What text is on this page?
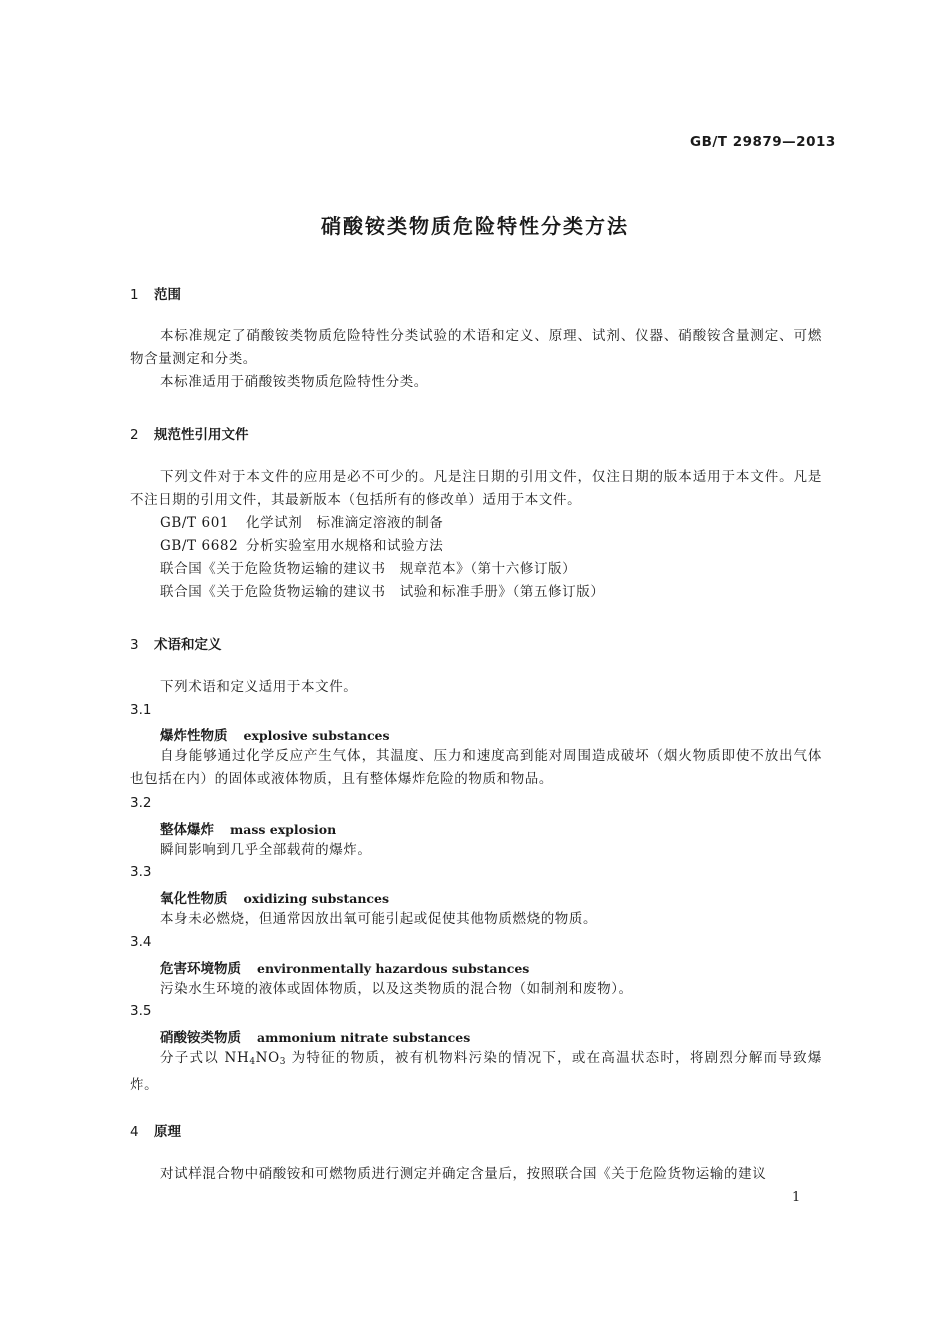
GB/T 29879—2013
硝酸铵类物质危险特性分类方法
1 范围
本标准规定了硝酸铵类物质危险特性分类试验的术语和定义、原理、试剂、仪器、硝酸铵含量测定、可燃物含量测定和分类。
本标准适用于硝酸铵类物质危险特性分类。
2 规范性引用文件
下列文件对于本文件的应用是必不可少的。凡是注日期的引用文件，仅注日期的版本适用于本文件。凡是不注日期的引用文件，其最新版本（包括所有的修改单）适用于本文件。
GB/T 601 化学试剂　标准滴定溶液的制备
GB/T 6682 分析实验室用水规格和试验方法
联合国《关于危险货物运输的建议书　规章范本》（第十六修订版）
联合国《关于危险货物运输的建议书　试验和标准手册》（第五修订版）
3 术语和定义
下列术语和定义适用于本文件。
3.1
爆炸性物质 explosive substances
自身能够通过化学反应产生气体，其温度、压力和速度高到能对周围造成破坏（烟火物质即使不放出气体也包括在内）的固体或液体物质，且有整体爆炸危险的物质和物品。
3.2
整体爆炸 mass explosion
瞬间影响到几乎全部载荷的爆炸。
3.3
氧化性物质 oxidizing substances
本身未必燃烧，但通常因放出氧可能引起或促使其他物质燃烧的物质。
3.4
危害环境物质 environmentally hazardous substances
污染水生环境的液体或固体物质，以及这类物质的混合物（如制剂和废物）。
3.5
硝酸铵类物质 ammonium nitrate substances
分子式以 $NH_4NO_3$ 为特征的物质，被有机物料污染的情况下，或在高温状态时，将剧烈分解而导致爆炸。
4 原理
对试样混合物中硝酸铵和可燃物质进行测定并确定含量后，按照联合国《关于危险货物运输的建议
1
